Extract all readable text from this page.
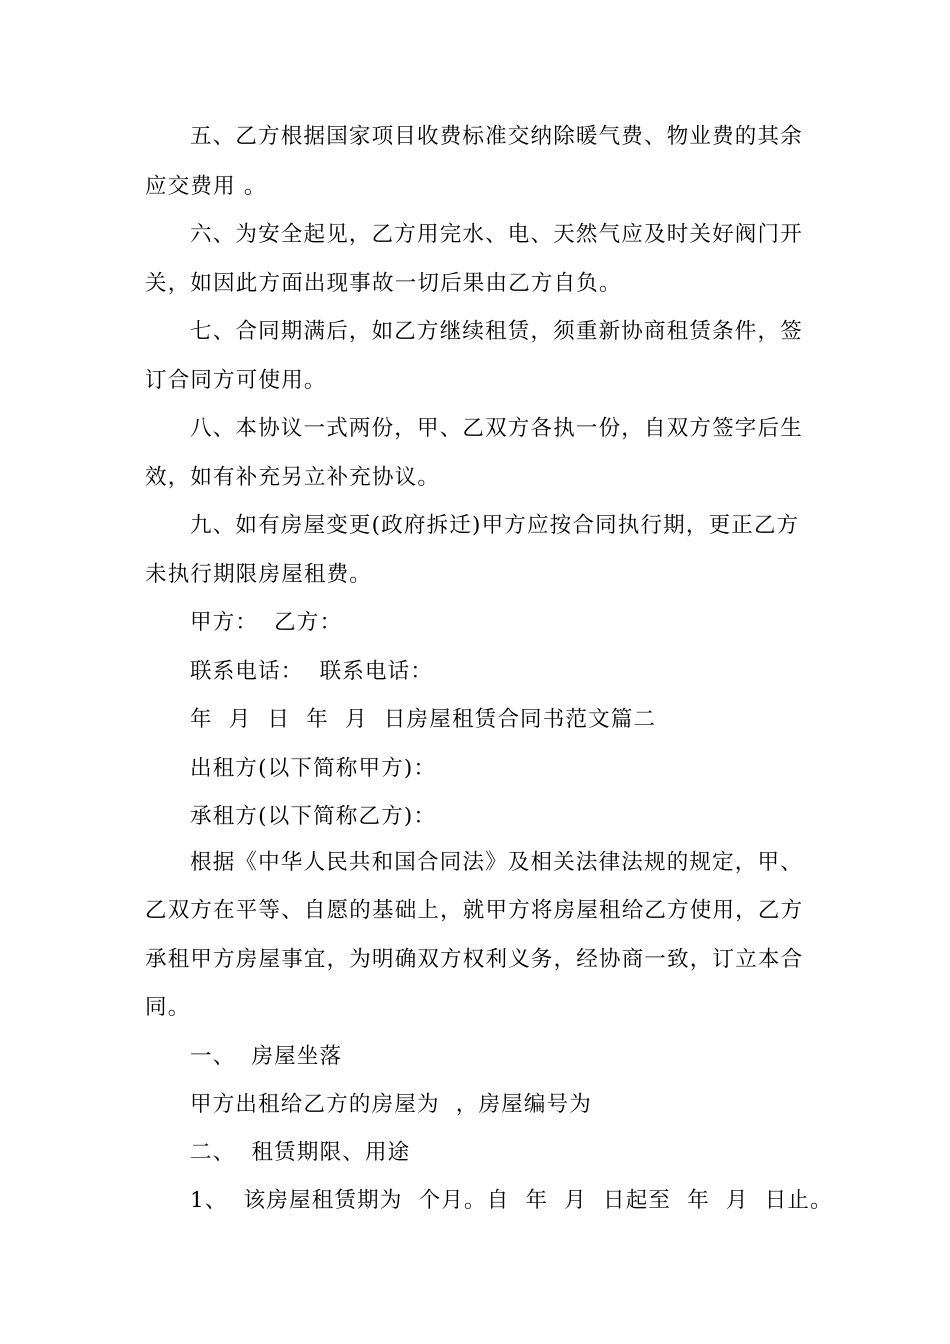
五、乙方根据国家项目收费标准交纳除暖气费、物业费的其余
应交费用 。
六、为安全起见，乙方用完水、电、天然气应及时关好阀门开
关，如因此方面出现事故一切后果由乙方自负。
七、合同期满后，如乙方继续租赁，须重新协商租赁条件，签
订合同方可使用。
八、本协议一式两份，甲、乙双方各执一份，自双方签字后生
效，如有补充另立补充协议。
九、如有房屋变更(政府拆迁)甲方应按合同执行期，更正乙方
未执行期限房屋租费。
甲方：  乙方：
联系电话：  联系电话：
年  月  日  年  月  日房屋租赁合同书范文篇二
出租方(以下简称甲方)：
承租方(以下简称乙方)：
根据《中华人民共和国合同法》及相关法律法规的规定，甲、
乙双方在平等、自愿的基础上，就甲方将房屋租给乙方使用，乙方
承租甲方房屋事宜，为明确双方权利义务，经协商一致，订立本合
同。
一、  房屋坐落
甲方出租给乙方的房屋为  ，房屋编号为
二、  租赁期限、用途
1、  该房屋租赁期为  个月。自  年  月  日起至  年  月  日止。
